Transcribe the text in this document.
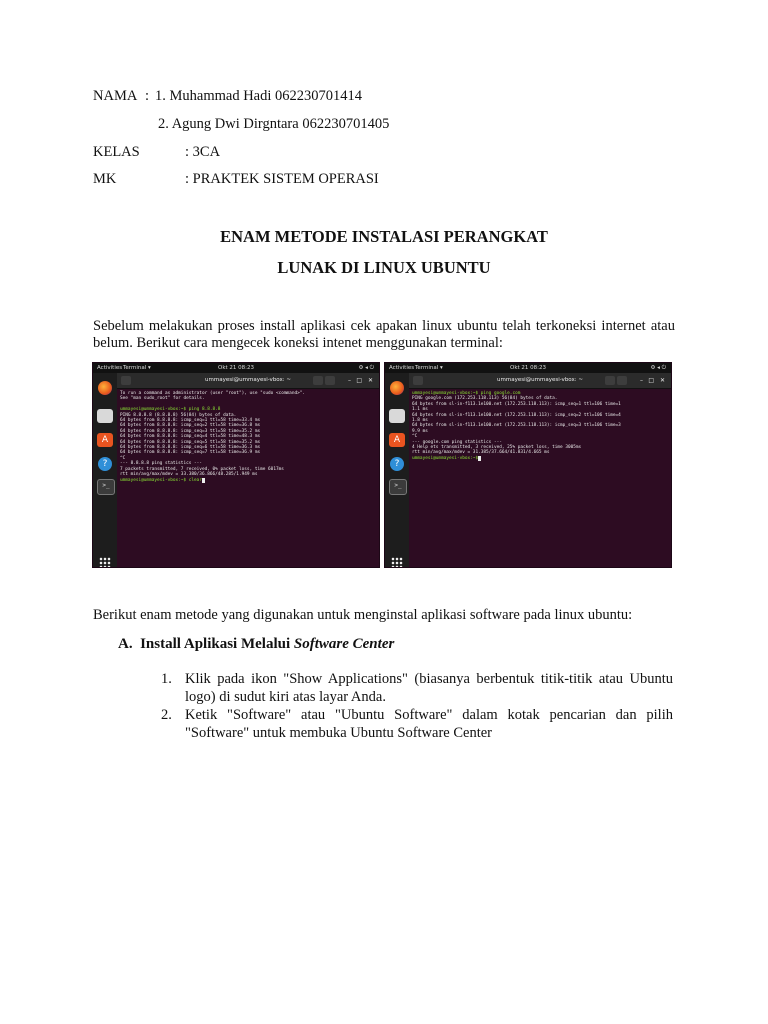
NAMA : 1. Muhammad Hadi 062230701414
2. Agung Dwi Dirgntara 062230701405
KELAS	: 3CA
MK	: PRAKTEK SISTEM OPERASI
ENAM METODE INSTALASI PERANGKAT
LUNAK DI LINUX UBUNTU

Sebelum melakukan proses install aplikasi cek apakan linux ubuntu telah terkoneksi internet atau belum. Berikut cara mengecek koneksi intenet menggunakan terminal:

Activities Terminal ▾	Okt 21 08:23	⚙ ◂ ⏻
A
?
>_
ummayesi@ummayesi-vbox: ~	– □ ✕
To run a command as administrator (user "root"), use "sudo <command>".
See "man sudo_root" for details.

ummayesi@ummayesi-vbox:~$ ping 8.8.8.8
PING 8.8.8.8 (8.8.8.8) 56(84) bytes of data.
64 bytes from 8.8.8.8: icmp_seq=1 ttl=58 time=33.4 ms
64 bytes from 8.8.8.8: icmp_seq=2 ttl=58 time=36.8 ms
64 bytes from 8.8.8.8: icmp_seq=3 ttl=58 time=35.2 ms
64 bytes from 8.8.8.8: icmp_seq=4 ttl=58 time=48.3 ms
64 bytes from 8.8.8.8: icmp_seq=5 ttl=58 time=35.2 ms
64 bytes from 8.8.8.8: icmp_seq=6 ttl=58 time=36.3 ms
64 bytes from 8.8.8.8: icmp_seq=7 ttl=58 time=36.9 ms
^C
--- 8.8.8.8 ping statistics ---
7 packets transmitted, 7 received, 0% packet loss, time 6017ms
rtt min/avg/max/mdev = 33.380/36.866/48.285/1.949 ms
ummayesi@ummayesi-vbox:~$ clear
Activities Terminal ▾	Okt 21 08:23	⚙ ◂ ⏻
A
?
>_
ummayesi@ummayesi-vbox: ~	– □ ✕
ummayesi@ummayesi-vbox:~$ ping google.com
PING google.com (172.253.118.113) 56(84) bytes of data.
64 bytes from sl-in-f113.1e100.net (172.253.118.113): icmp_seq=1 ttl=106 time=1
1.1 ms
64 bytes from sl-in-f113.1e100.net (172.253.118.113): icmp_seq=2 ttl=106 time=4
1.8 ms
64 bytes from sl-in-f113.1e100.net (172.253.118.113): icmp_seq=3 ttl=106 time=3
9.9 ms
^C
--- google.com ping statistics ---
4 Help ets transmitted, 3 received, 25% packet loss, time 3005ms
rtt min/avg/max/mdev = 31.385/37.664/41.831/4.665 ms
ummayesi@ummayesi-vbox:~$

Berikut enam metode yang digunakan untuk menginstal aplikasi software pada linux ubuntu:

A. Install Aplikasi Melalui Software Center
1. Klik pada ikon "Show Applications" (biasanya berbentuk titik-titik atau Ubuntu logo) di sudut kiri atas layar Anda.
2. Ketik "Software" atau "Ubuntu Software" dalam kotak pencarian dan pilih "Software" untuk membuka Ubuntu Software Center
